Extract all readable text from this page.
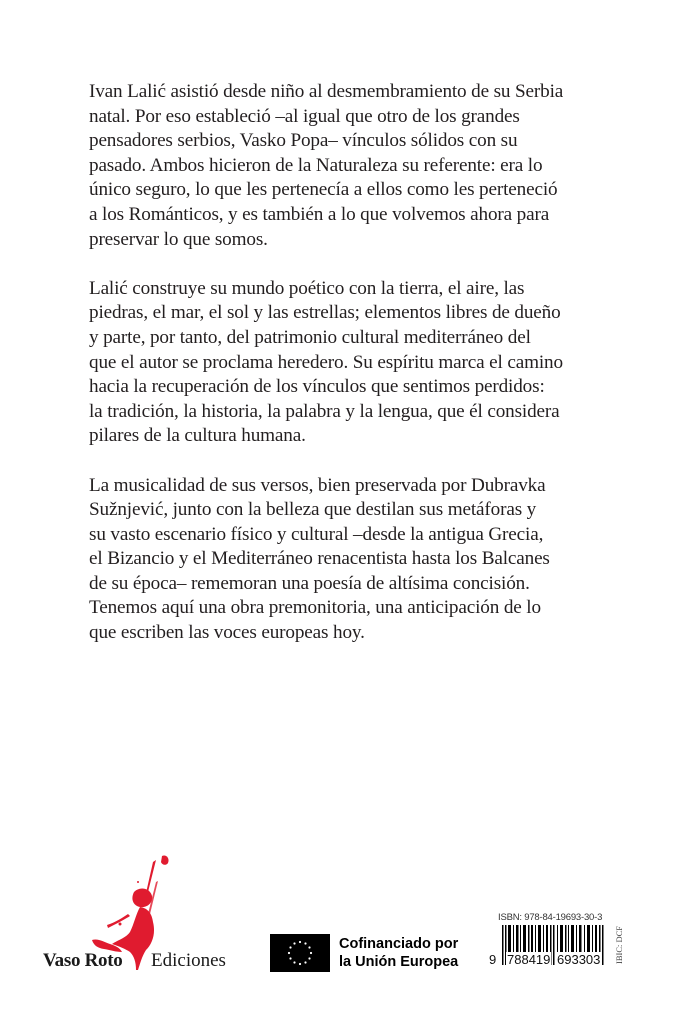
Ivan Lalić asistió desde niño al desmembramiento de su Serbia
natal. Por eso estableció –al igual que otro de los grandes
pensadores serbios, Vasko Popa– vínculos sólidos con su
pasado. Ambos hicieron de la Naturaleza su referente: era lo
único seguro, lo que les pertenecía a ellos como les perteneció
a los Románticos, y es también a lo que volvemos ahora para
preservar lo que somos.

Lalić construye su mundo poético con la tierra, el aire, las
piedras, el mar, el sol y las estrellas; elementos libres de dueño
y parte, por tanto, del patrimonio cultural mediterráneo del
que el autor se proclama heredero. Su espíritu marca el camino
hacia la recuperación de los vínculos que sentimos perdidos:
la tradición, la historia, la palabra y la lengua, que él considera
pilares de la cultura humana.

La musicalidad de sus versos, bien preservada por Dubravka
Sužnjević, junto con la belleza que destilan sus metáforas y
su vasto escenario físico y cultural –desde la antigua Grecia,
el Bizancio y el Mediterráneo renacentista hasta los Balcanes
de su época– rememoran una poesía de altísima concisión.
Tenemos aquí una obra premonitoria, una anticipación de lo
que escriben las voces europeas hoy.

Vaso Roto Ediciones
Cofinanciado por
la Unión Europea
ISBN: 978-84-19693-30-3
9 788419 693303 IBIC: DCF
